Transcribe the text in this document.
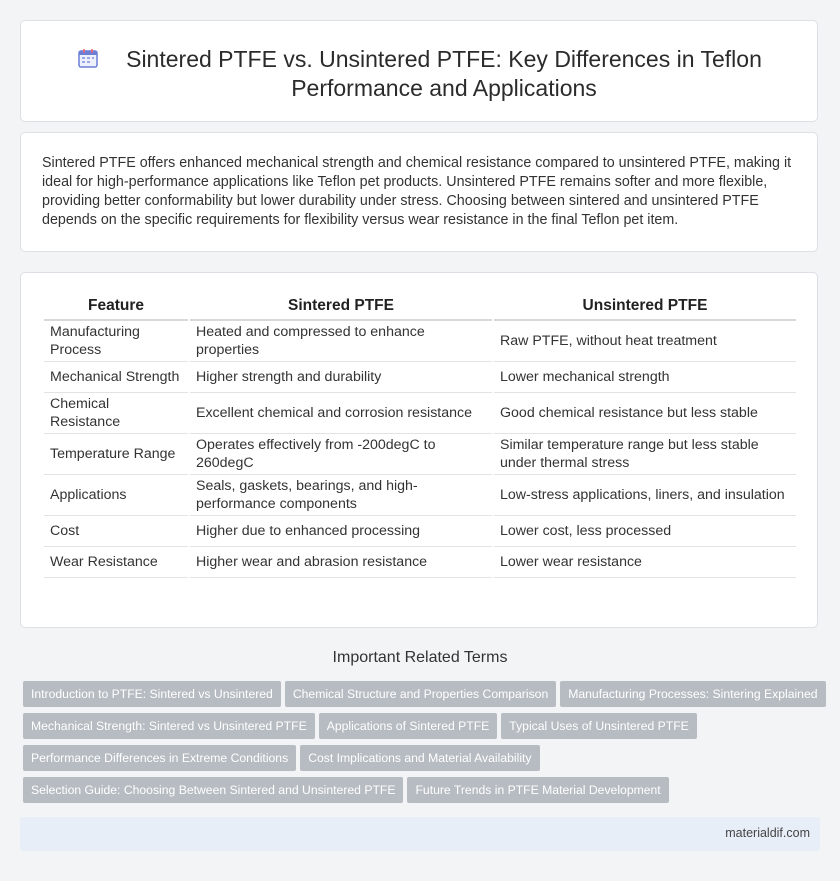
Sintered PTFE vs. Unsintered PTFE: Key Differences in Teflon Performance and Applications

Sintered PTFE offers enhanced mechanical strength and chemical resistance compared to unsintered PTFE, making it ideal for high-performance applications like Teflon pet products. Unsintered PTFE remains softer and more flexible, providing better conformability but lower durability under stress. Choosing between sintered and unsintered PTFE depends on the specific requirements for flexibility versus wear resistance in the final Teflon pet item.

Feature	Sintered PTFE	Unsintered PTFE
Manufacturing Process	Heated and compressed to enhance properties	Raw PTFE, without heat treatment
Mechanical Strength	Higher strength and durability	Lower mechanical strength
Chemical Resistance	Excellent chemical and corrosion resistance	Good chemical resistance but less stable
Temperature Range	Operates effectively from -200degC to 260degC	Similar temperature range but less stable under thermal stress
Applications	Seals, gaskets, bearings, and high-performance components	Low-stress applications, liners, and insulation
Cost	Higher due to enhanced processing	Lower cost, less processed
Wear Resistance	Higher wear and abrasion resistance	Lower wear resistance
Important Related Terms
Introduction to PTFE: Sintered vs Unsintered Chemical Structure and Properties Comparison Manufacturing Processes: Sintering Explained
Mechanical Strength: Sintered vs Unsintered PTFE Applications of Sintered PTFE Typical Uses of Unsintered PTFE
Performance Differences in Extreme Conditions Cost Implications and Material Availability
Selection Guide: Choosing Between Sintered and Unsintered PTFE Future Trends in PTFE Material Development
materialdif.com
